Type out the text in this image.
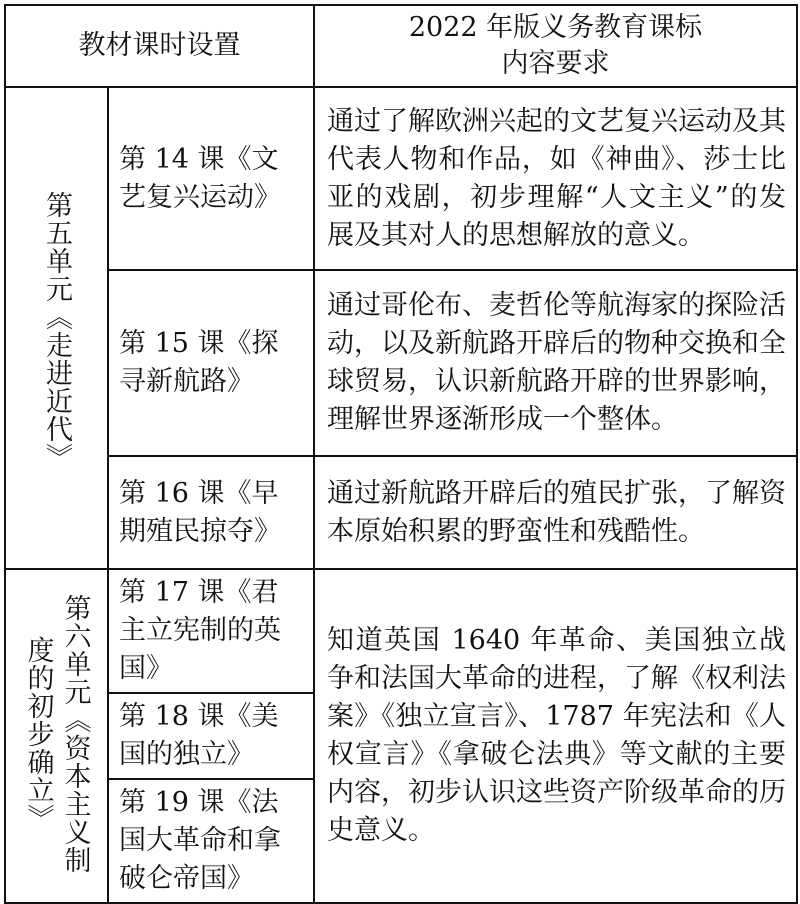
教材课时设置		2022 年版义务教育课标
内容要求

第五单元《走进近代》	第 14 课《文艺复兴运动》	通过了解欧洲兴起的文艺复兴运动及其代表人物和作品，如《神曲》、莎士比亚的戏剧，初步理解“人文主义”的发展及其对人的思想解放的意义。
	第 15 课《探寻新航路》	通过哥伦布、麦哲伦等航海家的探险活动，以及新航路开辟后的物种交换和全球贸易，认识新航路开辟的世界影响，理解世界逐渐形成一个整体。
	第 16 课《早期殖民掠夺》	通过新航路开辟后的殖民扩张，了解资本原始积累的野蛮性和残酷性。
第六单元《资本主义制度的初步确立》	第 17 课《君主立宪制的英国》	知道英国 1640 年革命、美国独立战争和法国大革命的进程，了解《权利法案》《独立宣言》、1787 年宪法和《人权宣言》《拿破仑法典》等文献的主要内容，初步认识这些资产阶级革命的历史意义。
	第 18 课《美国的独立》	
	第 19 课《法国大革命和拿破仑帝国》	
